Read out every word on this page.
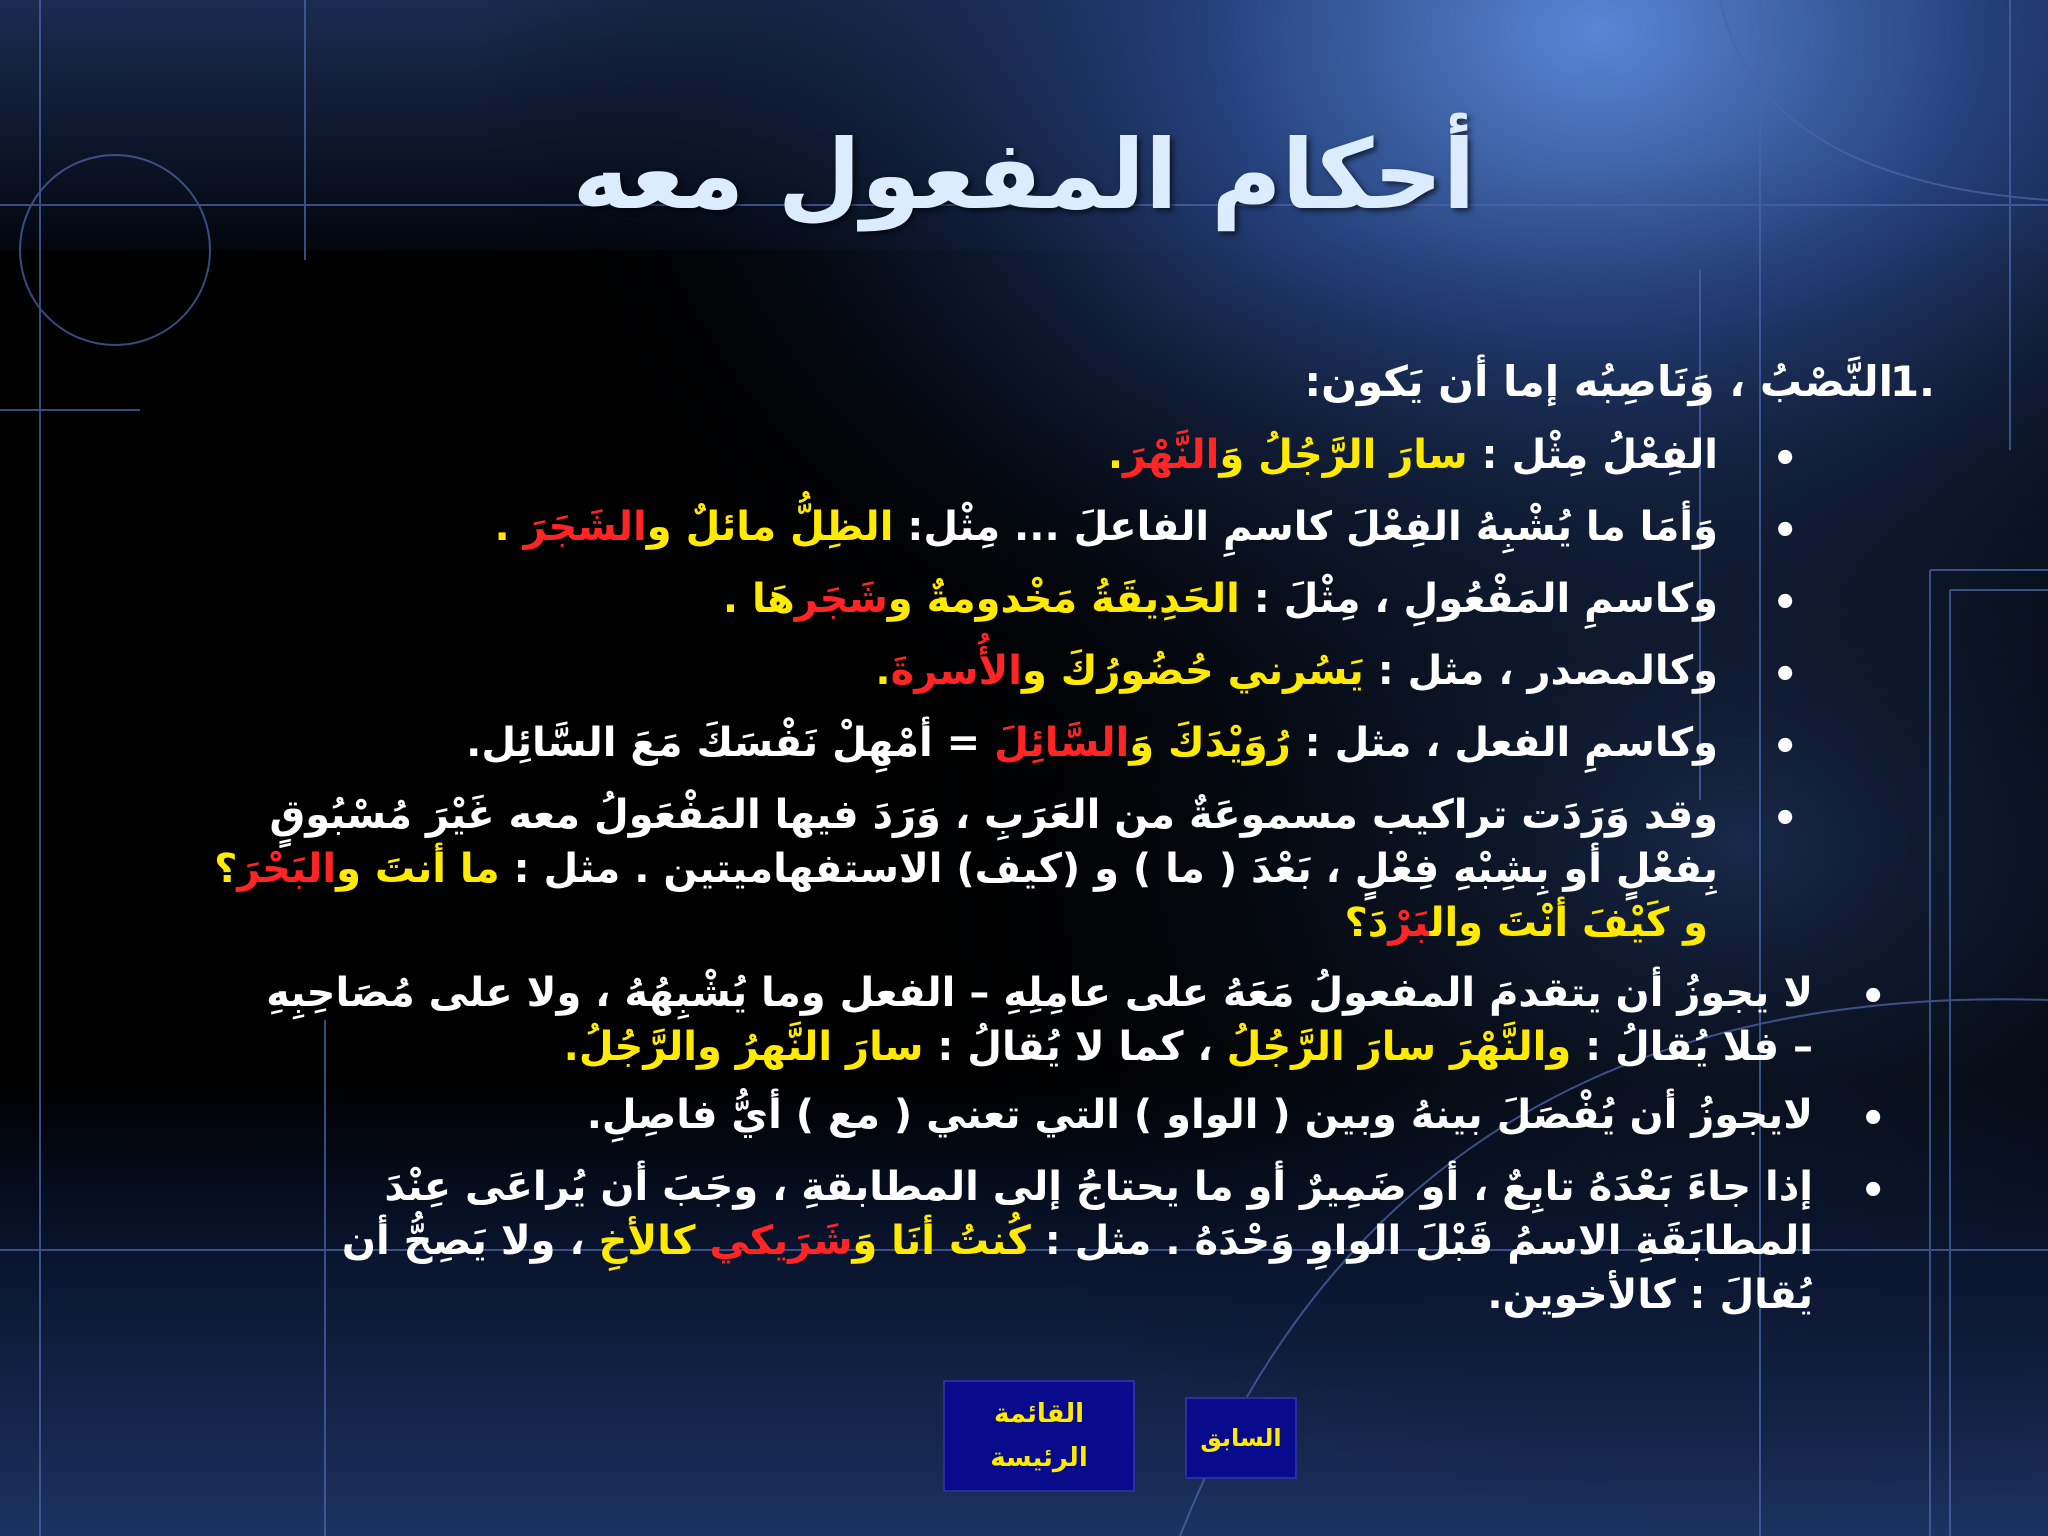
أحكام المفعول معه
1.
النَّصْبُ ، وَنَاصِبُه إما أن يَكون:
•
الفِعْلُ مِثْل : سارَ الرَّجُلُ وَالنَّهْرَ.
•
وَأمَا ما يُشْبِهُ الفِعْلَ كاسمِ الفاعلَ ... مِثْل: الظِلُّ مائلٌ والشَجَرَ .
•
وكاسمِ المَفْعُولِ ، مِثْلَ : الحَدِيقَةُ مَخْدومةٌ وشَجَرهَا .
•
وكالمصدر ، مثل : يَسُرني حُضُورُكَ والأُسرةَ.
•
وكاسمِ الفعل ، مثل : رُوَيْدَكَ وَالسَّائِلَ = أمْهِلْ نَفْسَكَ مَعَ السَّائِل.
•
وقد وَرَدَت تراكيب مسموعَةٌ من العَرَبِ ، وَرَدَ فيها المَفْعَولُ معه غَيْرَ مُسْبُوقٍ
بِفعْلٍ أو بِشِبْهِ فِعْلٍ ، بَعْدَ ( ما ) و (كيف) الاستفهاميتين . مثل : ما أنتَ والبَحْرَ؟
و كَيْفَ أنْتَ والبَرْدَ؟
•
لا يجوزُ أن يتقدمَ المفعولُ مَعَهُ على عامِلِهِ – الفعل وما يُشْبِهُهُ ، ولا على مُصَاحِبِهِ
– فلا يُقالُ : والنَّهْرَ سارَ الرَّجُلُ ، كما لا يُقالُ : سارَ النَّهرُ والرَّجُلُ.
•
لايجوزُ أن يُفْصَلَ بينهُ وبين ( الواو ) التي تعني ( مع ) أيُّ فاصِلِ.
•
إذا جاءَ بَعْدَهُ تابِعٌ ، أو ضَمِيرٌ أو ما يحتاجُ إلى المطابقةِ ، وجَبَ أن يُراعَى عِنْدَ
المطابَقَةِ الاسمُ قَبْلَ الواوِ وَحْدَهُ . مثل : كُنتُ أنَا وَشَرَيكي كالأخِ ، ولا يَصِحُّ أن
يُقالَ : كالأخوين.
القائمة
الرئيسة
السابق
